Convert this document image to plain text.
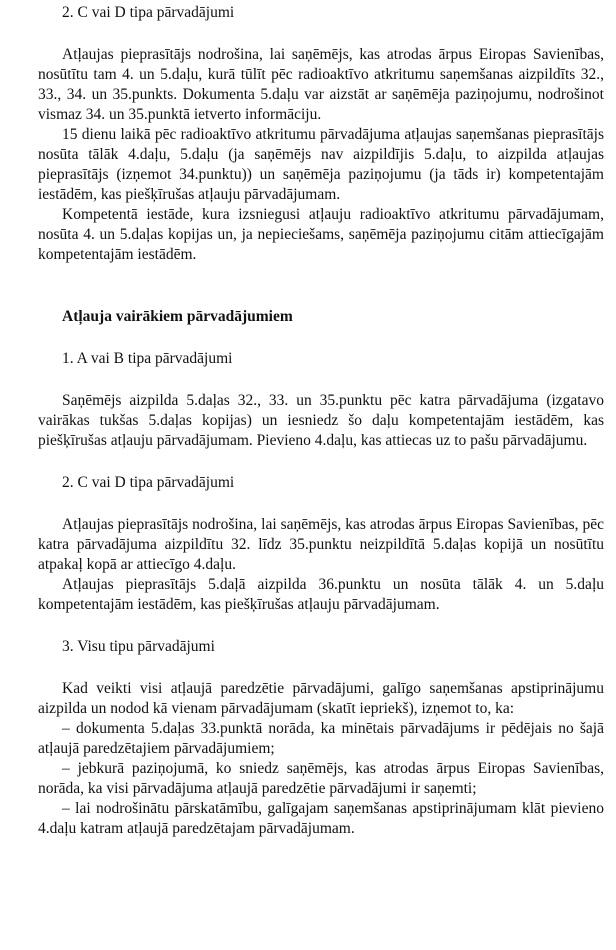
2. C vai D tipa pārvadājumi

Atļaujas pieprasītājs nodrošina, lai saņēmējs, kas atrodas ārpus Eiropas Savienības, nosūtītu tam 4. un 5.daļu, kurā tūlīt pēc radioaktīvo atkritumu saņemšanas aizpildīts 32., 33., 34. un 35.punkts. Dokumenta 5.daļu var aizstāt ar saņēmēja paziņojumu, nodrošinot vismaz 34. un 35.punktā ietverto informāciju.

15 dienu laikā pēc radioaktīvo atkritumu pārvadājuma atļaujas saņemšanas pieprasītājs nosūta tālāk 4.daļu, 5.daļu (ja saņēmējs nav aizpildījis 5.daļu, to aizpilda atļaujas pieprasītājs (izņemot 34.punktu)) un saņēmēja paziņojumu (ja tāds ir) kompetentajām iestādēm, kas piešķīrušas atļauju pārvadājumam.

Kompetentā iestāde, kura izsniegusi atļauju radioaktīvo atkritumu pārvadājumam, nosūta 4. un 5.daļas kopijas un, ja nepieciešams, saņēmēja paziņojumu citām attiecīgajām kompetentajām iestādēm.

Atļauja vairākiem pārvadājumiem
1. A vai B tipa pārvadājumi

Saņēmējs aizpilda 5.daļas 32., 33. un 35.punktu pēc katra pārvadājuma (izgatavo vairākas tukšas 5.daļas kopijas) un iesniedz šo daļu kompetentajām iestādēm, kas piešķīrušas atļauju pārvadājumam. Pievieno 4.daļu, kas attiecas uz to pašu pārvadājumu.

2. C vai D tipa pārvadājumi

Atļaujas pieprasītājs nodrošina, lai saņēmējs, kas atrodas ārpus Eiropas Savienības, pēc katra pārvadājuma aizpildītu 32. līdz 35.punktu neizpildītā 5.daļas kopijā un nosūtītu atpakaļ kopā ar attiecīgo 4.daļu.

Atļaujas pieprasītājs 5.daļā aizpilda 36.punktu un nosūta tālāk 4. un 5.daļu kompetentajām iestādēm, kas piešķīrušas atļauju pārvadājumam.

3. Visu tipu pārvadājumi

Kad veikti visi atļaujā paredzētie pārvadājumi, galīgo saņemšanas apstiprinājumu aizpilda un nodod kā vienam pārvadājumam (skatīt iepriekš), izņemot to, ka:

– dokumenta 5.daļas 33.punktā norāda, ka minētais pārvadājums ir pēdējais no šajā atļaujā paredzētajiem pārvadājumiem;

– jebkurā paziņojumā, ko sniedz saņēmējs, kas atrodas ārpus Eiropas Savienības, norāda, ka visi pārvadājuma atļaujā paredzētie pārvadājumi ir saņemti;

– lai nodrošinātu pārskatāmību, galīgajam saņemšanas apstiprinājumam klāt pievieno 4.daļu katram atļaujā paredzētajam pārvadājumam.
